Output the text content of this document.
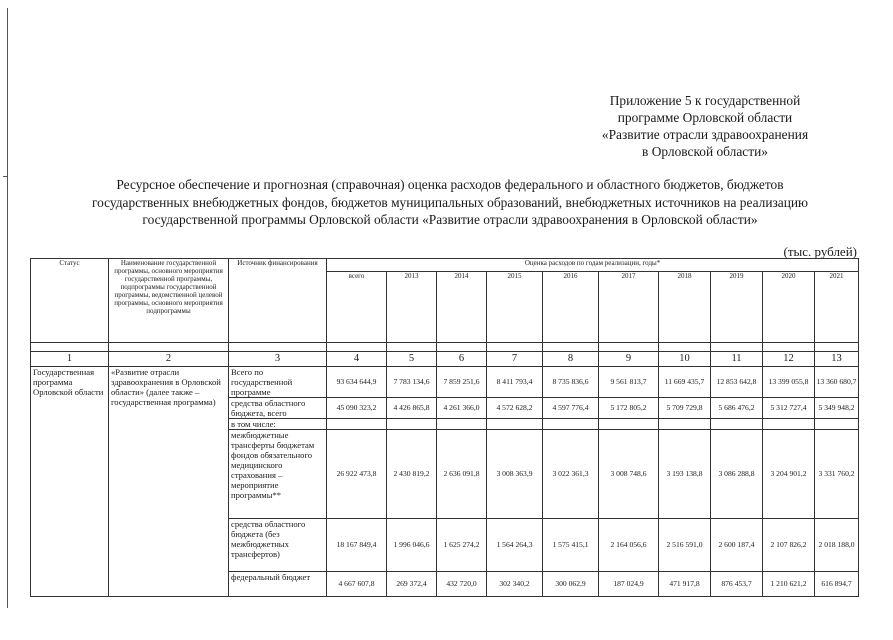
Приложение 5 к государственной
программе Орловской области
«Развитие отрасли здравоохранения
в Орловской области»
Ресурсное обеспечение и прогнозная (справочная) оценка расходов федерального и областного бюджетов, бюджетов
государственных внебюджетных фондов, бюджетов муниципальных образований, внебюджетных источников на реализацию
государственной программы Орловской области «Развитие отрасли здравоохранения в Орловской области»
(тыс. рублей)
Статус	Наименование государственной программы, основного мероприятия государственной программы, подпрограммы государственной программы, ведомственной целевой программы, основного мероприятия подпрограммы	Источник финансирования	Оценка расходов по годам реализации, годы*									
			всего	2013	2014	2015	2016	2017	2018	2019	2020	2021

1	2	3	4	5	6	7	8	9	10	11	12	13
Государственная программа Орловской области	«Развитие отрасли здравоохранения в Орловской области» (далее также – государственная программа)	Всего по государственной программе	93 634 644,9	7 783 134,6	7 859 251,6	8 411 793,4	8 735 836,6	9 561 813,7	11 669 435,7	12 853 642,8	13 399 055,8	13 360 680,7
		средства областного бюджета, всего	45 090 323,2	4 426 865,8	4 261 366,0	4 572 628,2	4 597 776,4	5 172 805,2	5 709 729,8	5 686 476,2	5 312 727,4	5 349 948,2
		в том числе:										
		межбюджетные трансферты бюджетам фондов обязательного медицинского страхования – мероприятие программы**	26 922 473,8	2 430 819,2	2 636 091,8	3 008 363,9	3 022 361,3	3 008 748,6	3 193 138,8	3 086 288,8	3 204 901,2	3 331 760,2
		средства областного бюджета (без межбюджетных трансфертов)	18 167 849,4	1 996 046,6	1 625 274,2	1 564 264,3	1 575 415,1	2 164 056,6	2 516 591,0	2 600 187,4	2 107 826,2	2 018 188,0
		федеральный бюджет	4 667 607,8	269 372,4	432 720,0	302 340,2	300 062,9	187 024,9	471 917,8	876 453,7	1 210 621,2	616 894,7
